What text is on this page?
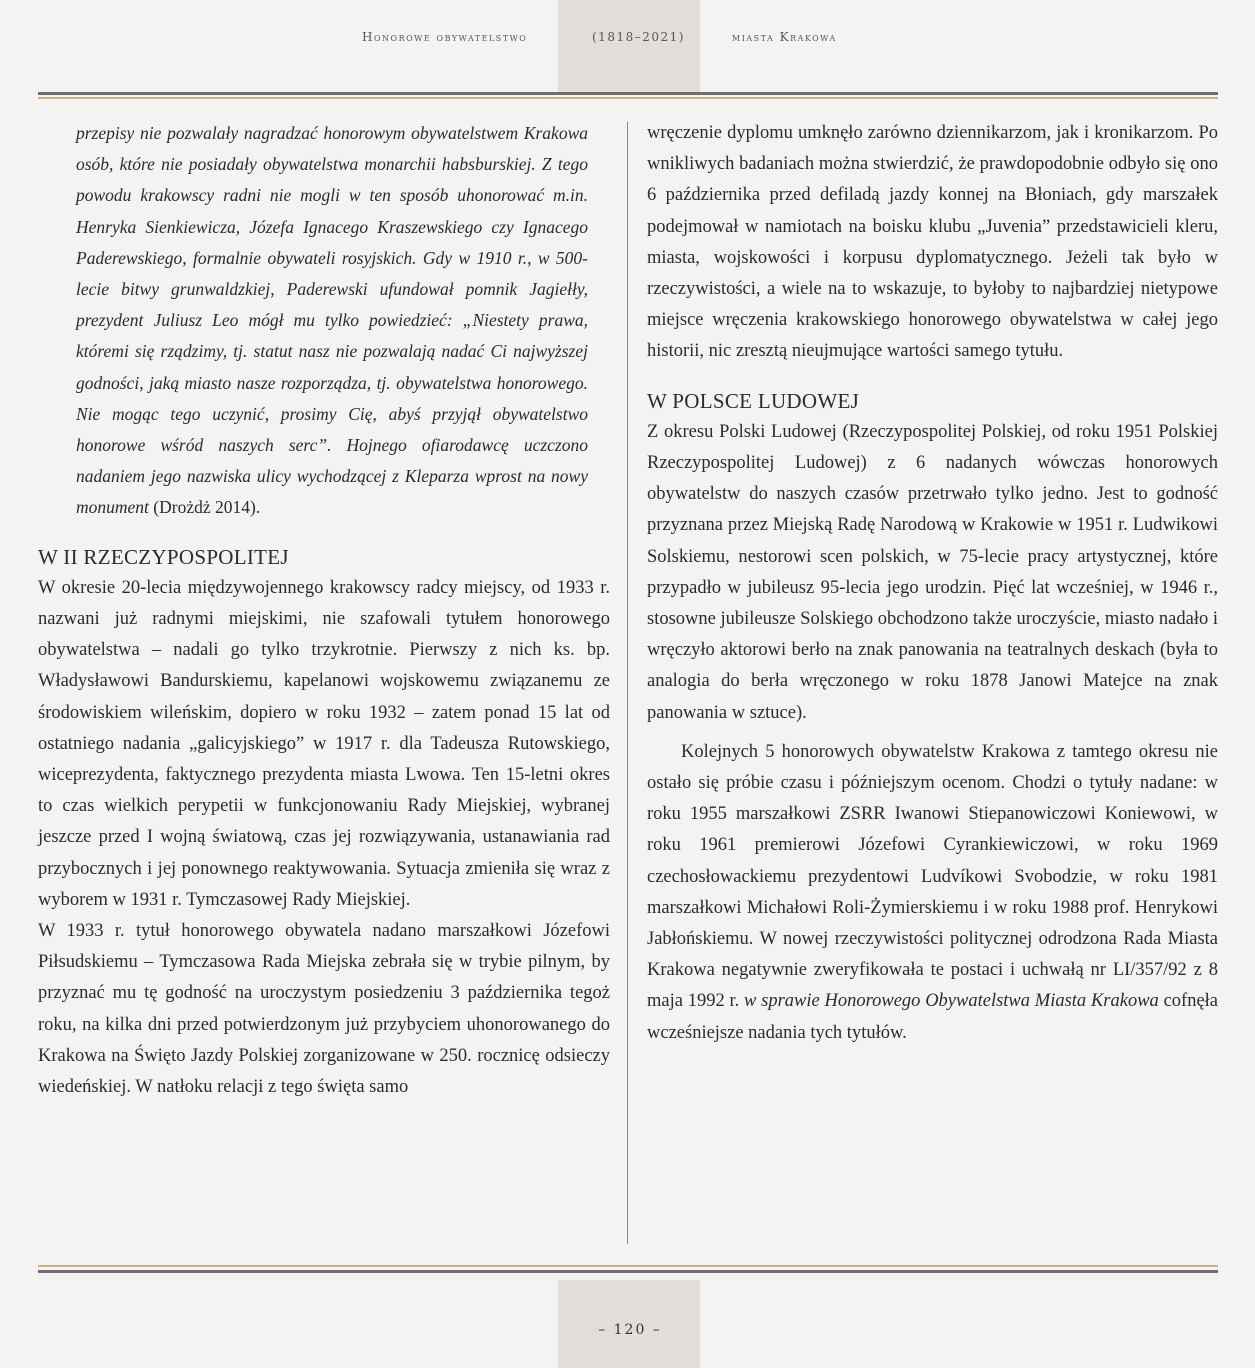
Honorowe obywatelstwo	(1818–2021)	miasta Krakowa

przepisy nie pozwalały nagradzać honorowym obywatelstwem Krakowa osób, które nie posiadały obywatelstwa monarchii habsburskiej. Z tego powodu krakowscy radni nie mogli w ten sposób uhonorować m.in. Henryka Sienkiewicza, Józefa Ignacego Kraszewskiego czy Ignacego Paderewskiego, formalnie obywateli rosyjskich. Gdy w 1910 r., w 500-lecie bitwy grunwaldzkiej, Paderewski ufundował pomnik Jagiełły, prezydent Juliusz Leo mógł mu tylko powiedzieć: „Niestety prawa, któremi się rządzimy, tj. statut nasz nie pozwalają nadać Ci najwyższej godności, jaką miasto nasze rozporządza, tj. obywatelstwa honorowego. Nie mogąc tego uczynić, prosimy Cię, abyś przyjął obywatelstwo honorowe wśród naszych serc”. Hojnego ofiarodawcę uczczono nadaniem jego nazwiska ulicy wychodzącej z Kleparza wprost na nowy monument (Drożdż 2014).

W II RZECZYPOSPOLITEJ

W okresie 20-lecia międzywojennego krakowscy radcy miejscy, od 1933 r. nazwani już radnymi miejskimi, nie szafowali tytułem honorowego obywatelstwa – nadali go tylko trzykrotnie. Pierwszy z nich ks. bp. Władysławowi Bandurskiemu, kapelanowi wojskowemu związanemu ze środowiskiem wileńskim, dopiero w roku 1932 – zatem ponad 15 lat od ostatniego nadania „galicyjskiego” w 1917 r. dla Tadeusza Rutowskiego, wiceprezydenta, faktycznego prezydenta miasta Lwowa. Ten 15-letni okres to czas wielkich perypetii w funkcjonowaniu Rady Miejskiej, wybranej jeszcze przed I wojną światową, czas jej rozwiązywania, ustanawiania rad przybocznych i jej ponownego reaktywowania. Sytuacja zmieniła się wraz z wyborem w 1931 r. Tymczasowej Rady Miejskiej.

W 1933 r. tytuł honorowego obywatela nadano marszałkowi Józefowi Piłsudskiemu – Tymczasowa Rada Miejska zebrała się w trybie pilnym, by przyznać mu tę godność na uroczystym posiedzeniu 3 października tegoż roku, na kilka dni przed potwierdzonym już przybyciem uhonorowanego do Krakowa na Święto Jazdy Polskiej zorganizowane w 250. rocznicę odsieczy wiedeńskiej. W natłoku relacji z tego święta samo

wręczenie dyplomu umknęło zarówno dziennikarzom, jak i kronikarzom. Po wnikliwych badaniach można stwierdzić, że prawdopodobnie odbyło się ono 6 października przed defiladą jazdy konnej na Błoniach, gdy marszałek podejmował w namiotach na boisku klubu „Juvenia” przedstawicieli kleru, miasta, wojskowości i korpusu dyplomatycznego. Jeżeli tak było w rzeczywistości, a wiele na to wskazuje, to byłoby to najbardziej nietypowe miejsce wręczenia krakowskiego honorowego obywatelstwa w całej jego historii, nic zresztą nieujmujące wartości samego tytułu.

W POLSCE LUDOWEJ

Z okresu Polski Ludowej (Rzeczypospolitej Polskiej, od roku 1951 Polskiej Rzeczypospolitej Ludowej) z 6 nadanych wówczas honorowych obywatelstw do naszych czasów przetrwało tylko jedno. Jest to godność przyznana przez Miejską Radę Narodową w Krakowie w 1951 r. Ludwikowi Solskiemu, nestorowi scen polskich, w 75-lecie pracy artystycznej, które przypadło w jubileusz 95-lecia jego urodzin. Pięć lat wcześniej, w 1946 r., stosowne jubileusze Solskiego obchodzono także uroczyście, miasto nadało i wręczyło aktorowi berło na znak panowania na teatralnych deskach (była to analogia do berła wręczonego w roku 1878 Janowi Matejce na znak panowania w sztuce).

Kolejnych 5 honorowych obywatelstw Krakowa z tamtego okresu nie ostało się próbie czasu i późniejszym ocenom. Chodzi o tytuły nadane: w roku 1955 marszałkowi ZSRR Iwanowi Stiepanowiczowi Koniewowi, w roku 1961 premierowi Józefowi Cyrankiewiczowi, w roku 1969 czechosłowackiemu prezydentowi Ludvíkowi Svobodzie, w roku 1981 marszałkowi Michałowi Roli-Żymierskiemu i w roku 1988 prof. Henrykowi Jabłońskiemu. W nowej rzeczywistości politycznej odrodzona Rada Miasta Krakowa negatywnie zweryfikowała te postaci i uchwałą nr LI/357/92 z 8 maja 1992 r. w sprawie Honorowego Obywatelstwa Miasta Krakowa cofnęła wcześniejsze nadania tych tytułów.

– 120 –
